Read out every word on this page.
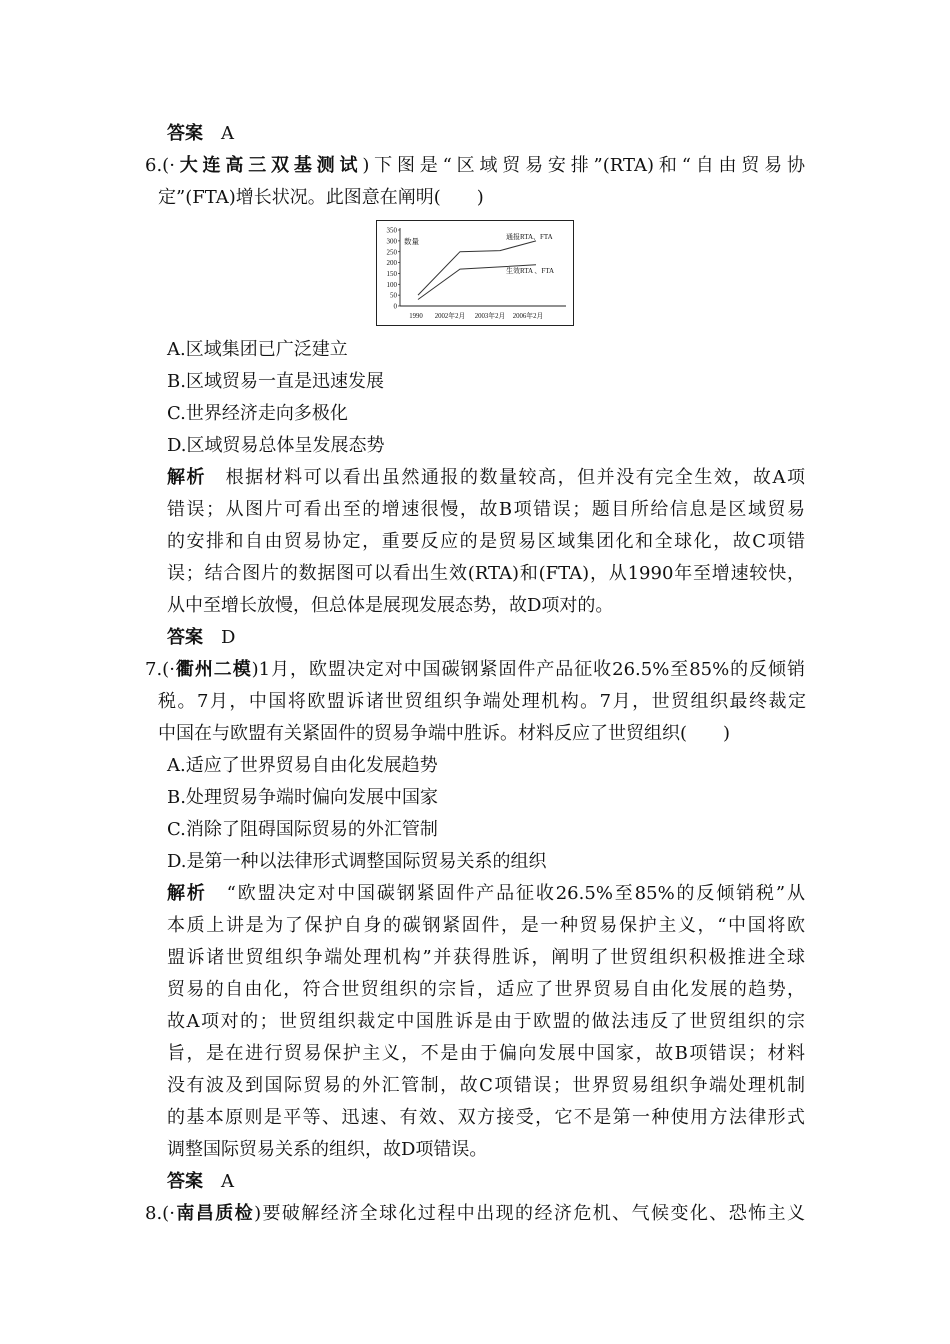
答案　A
6.(·大连高三双基测试)下图是“区域贸易安排”(RTA)和“自由贸易协
定”(FTA)增长状况。此图意在阐明(　　)
350
300
250
200
150
100
50
0
数量
1990 2002年2月 2003年2月 2006年2月
通报RTA、FTA
生效RTA 、FTA
A.区域集团已广泛建立
B.区域贸易一直是迅速发展
C.世界经济走向多极化
D.区域贸易总体呈发展态势
解析　根据材料可以看出虽然通报的数量较高，但并没有完全生效，故A项
错误；从图片可看出至的增速很慢，故B项错误；题目所给信息是区域贸易
的安排和自由贸易协定，重要反应的是贸易区域集团化和全球化，故C项错
误；结合图片的数据图可以看出生效(RTA)和(FTA)，从1990年至增速较快，
从中至增长放慢，但总体是展现发展态势，故D项对的。
答案　D
7.(·衢州二模)1月，欧盟决定对中国碳钢紧固件产品征收26.5%至85%的反倾销
税。7月，中国将欧盟诉诸世贸组织争端处理机构。7月，世贸组织最终裁定
中国在与欧盟有关紧固件的贸易争端中胜诉。材料反应了世贸组织(　　)
A.适应了世界贸易自由化发展趋势
B.处理贸易争端时偏向发展中国家
C.消除了阻碍国际贸易的外汇管制
D.是第一种以法律形式调整国际贸易关系的组织
解析　“欧盟决定对中国碳钢紧固件产品征收26.5%至85%的反倾销税”从
本质上讲是为了保护自身的碳钢紧固件，是一种贸易保护主义，“中国将欧
盟诉诸世贸组织争端处理机构”并获得胜诉，阐明了世贸组织积极推进全球
贸易的自由化，符合世贸组织的宗旨，适应了世界贸易自由化发展的趋势，
故A项对的；世贸组织裁定中国胜诉是由于欧盟的做法违反了世贸组织的宗
旨，是在进行贸易保护主义，不是由于偏向发展中国家，故B项错误；材料
没有波及到国际贸易的外汇管制，故C项错误；世界贸易组织争端处理机制
的基本原则是平等、迅速、有效、双方接受，它不是第一种使用方法律形式
调整国际贸易关系的组织，故D项错误。
答案　A
8.(·南昌质检)要破解经济全球化过程中出现的经济危机、气候变化、恐怖主义
